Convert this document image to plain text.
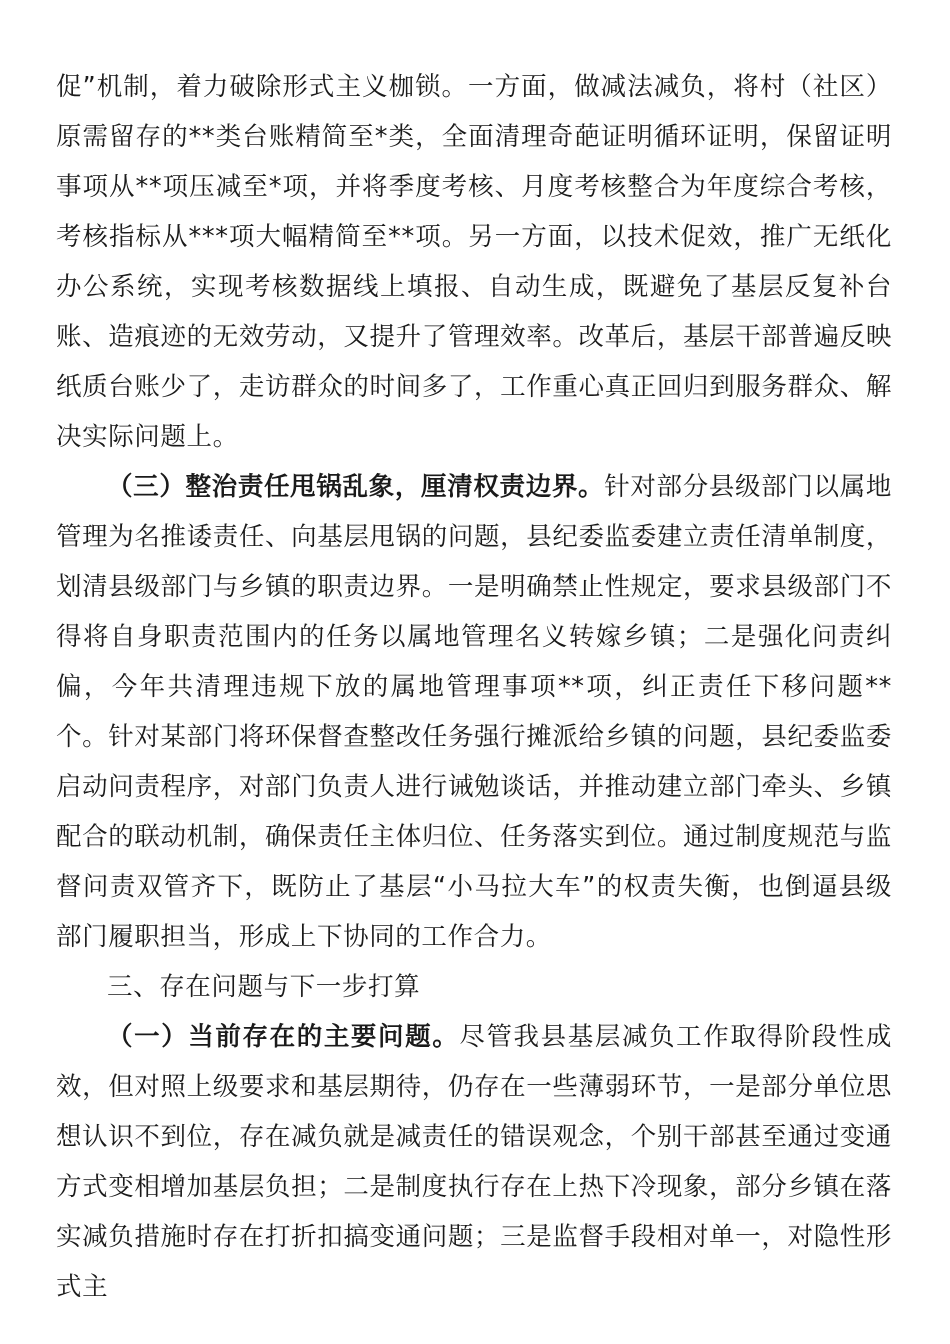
促”机制，着力破除形式主义枷锁。一方面，做减法减负，将村（社区）原需留存的**类台账精简至*类，全面清理奇葩证明循环证明，保留证明事项从**项压减至*项，并将季度考核、月度考核整合为年度综合考核，考核指标从***项大幅精简至**项。另一方面，以技术促效，推广无纸化办公系统，实现考核数据线上填报、自动生成，既避免了基层反复补台账、造痕迹的无效劳动，又提升了管理效率。改革后，基层干部普遍反映纸质台账少了，走访群众的时间多了，工作重心真正回归到服务群众、解决实际问题上。

（三）整治责任甩锅乱象，厘清权责边界。针对部分县级部门以属地管理为名推诿责任、向基层甩锅的问题，县纪委监委建立责任清单制度，划清县级部门与乡镇的职责边界。一是明确禁止性规定，要求县级部门不得将自身职责范围内的任务以属地管理名义转嫁乡镇；二是强化问责纠偏，今年共清理违规下放的属地管理事项**项，纠正责任下移问题**个。针对某部门将环保督查整改任务强行摊派给乡镇的问题，县纪委监委启动问责程序，对部门负责人进行诫勉谈话，并推动建立部门牵头、乡镇配合的联动机制，确保责任主体归位、任务落实到位。通过制度规范与监督问责双管齐下，既防止了基层“小马拉大车”的权责失衡，也倒逼县级部门履职担当，形成上下协同的工作合力。

三、存在问题与下一步打算

（一）当前存在的主要问题。尽管我县基层减负工作取得阶段性成效，但对照上级要求和基层期待，仍存在一些薄弱环节，一是部分单位思想认识不到位，存在减负就是减责任的错误观念，个别干部甚至通过变通方式变相增加基层负担；二是制度执行存在上热下冷现象，部分乡镇在落实减负措施时存在打折扣搞变通问题；三是监督手段相对单一，对隐性形式主
